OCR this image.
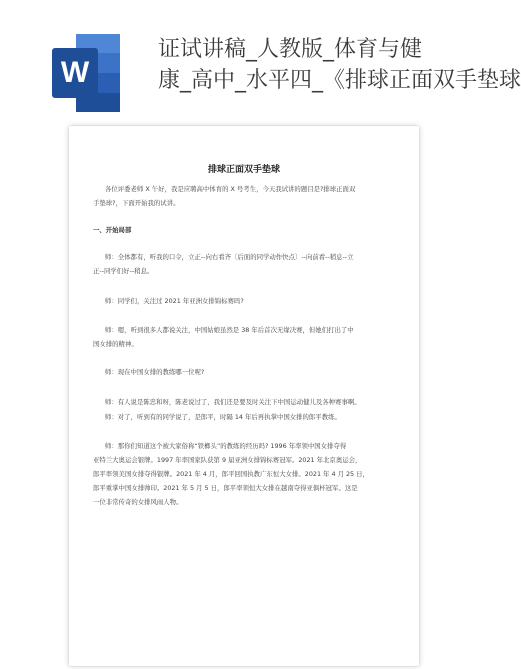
W
证试讲稿_人教版_体育与健
康_高中_水平四_《排球正面双手垫球
排球正面双手垫球
各位评委老师 X 午好，我是应聘高中体育的 X 号考生，今天我试讲的题目是?排球正面双
手垫球?，下面开始我的试讲。
一、开始局部
师：全体都有，听我的口令，立正--向右看齐〔后面的同学动作快点〕--向前看--稍息--立
正--同学们好--稍息。
师：同学们，关注过 2021 年亚洲女排锦标赛吗?
师：嗯，听到很多人都说关注，中国姑娘虽然是 38 年后首次无缘决赛，但她们打出了中
国女排的精神。
师：现在中国女排的教练哪一位呢?
师：有人说是陈忠和呀，陈老说过了，我们还是要及时关注下中国运动健儿及各种赛事啊。
师：对了，听到有的同学说了，是郎平，时隔 14 年后再执掌中国女排的郎平教练。
师：那你们知道这个被大家俗称“铁榔头”的教练的经历吗? 1996 年率领中国女排夺得
亚特兰大奥运会银牌。1997 年率国家队获第 9 届亚洲女排锦标赛冠军。2021 年北京奥运会，
郎平率领美国女排夺得银牌。2021 年 4 月，郎平回国执教广东恒大女排。2021 年 4 月 25 日，
郎平重掌中国女排帅印。2021 年 5 月 5 日，郎平率领恒大女排在越南夺得亚俱杯冠军。这是
一位非常传奇的女排风雨人物。
